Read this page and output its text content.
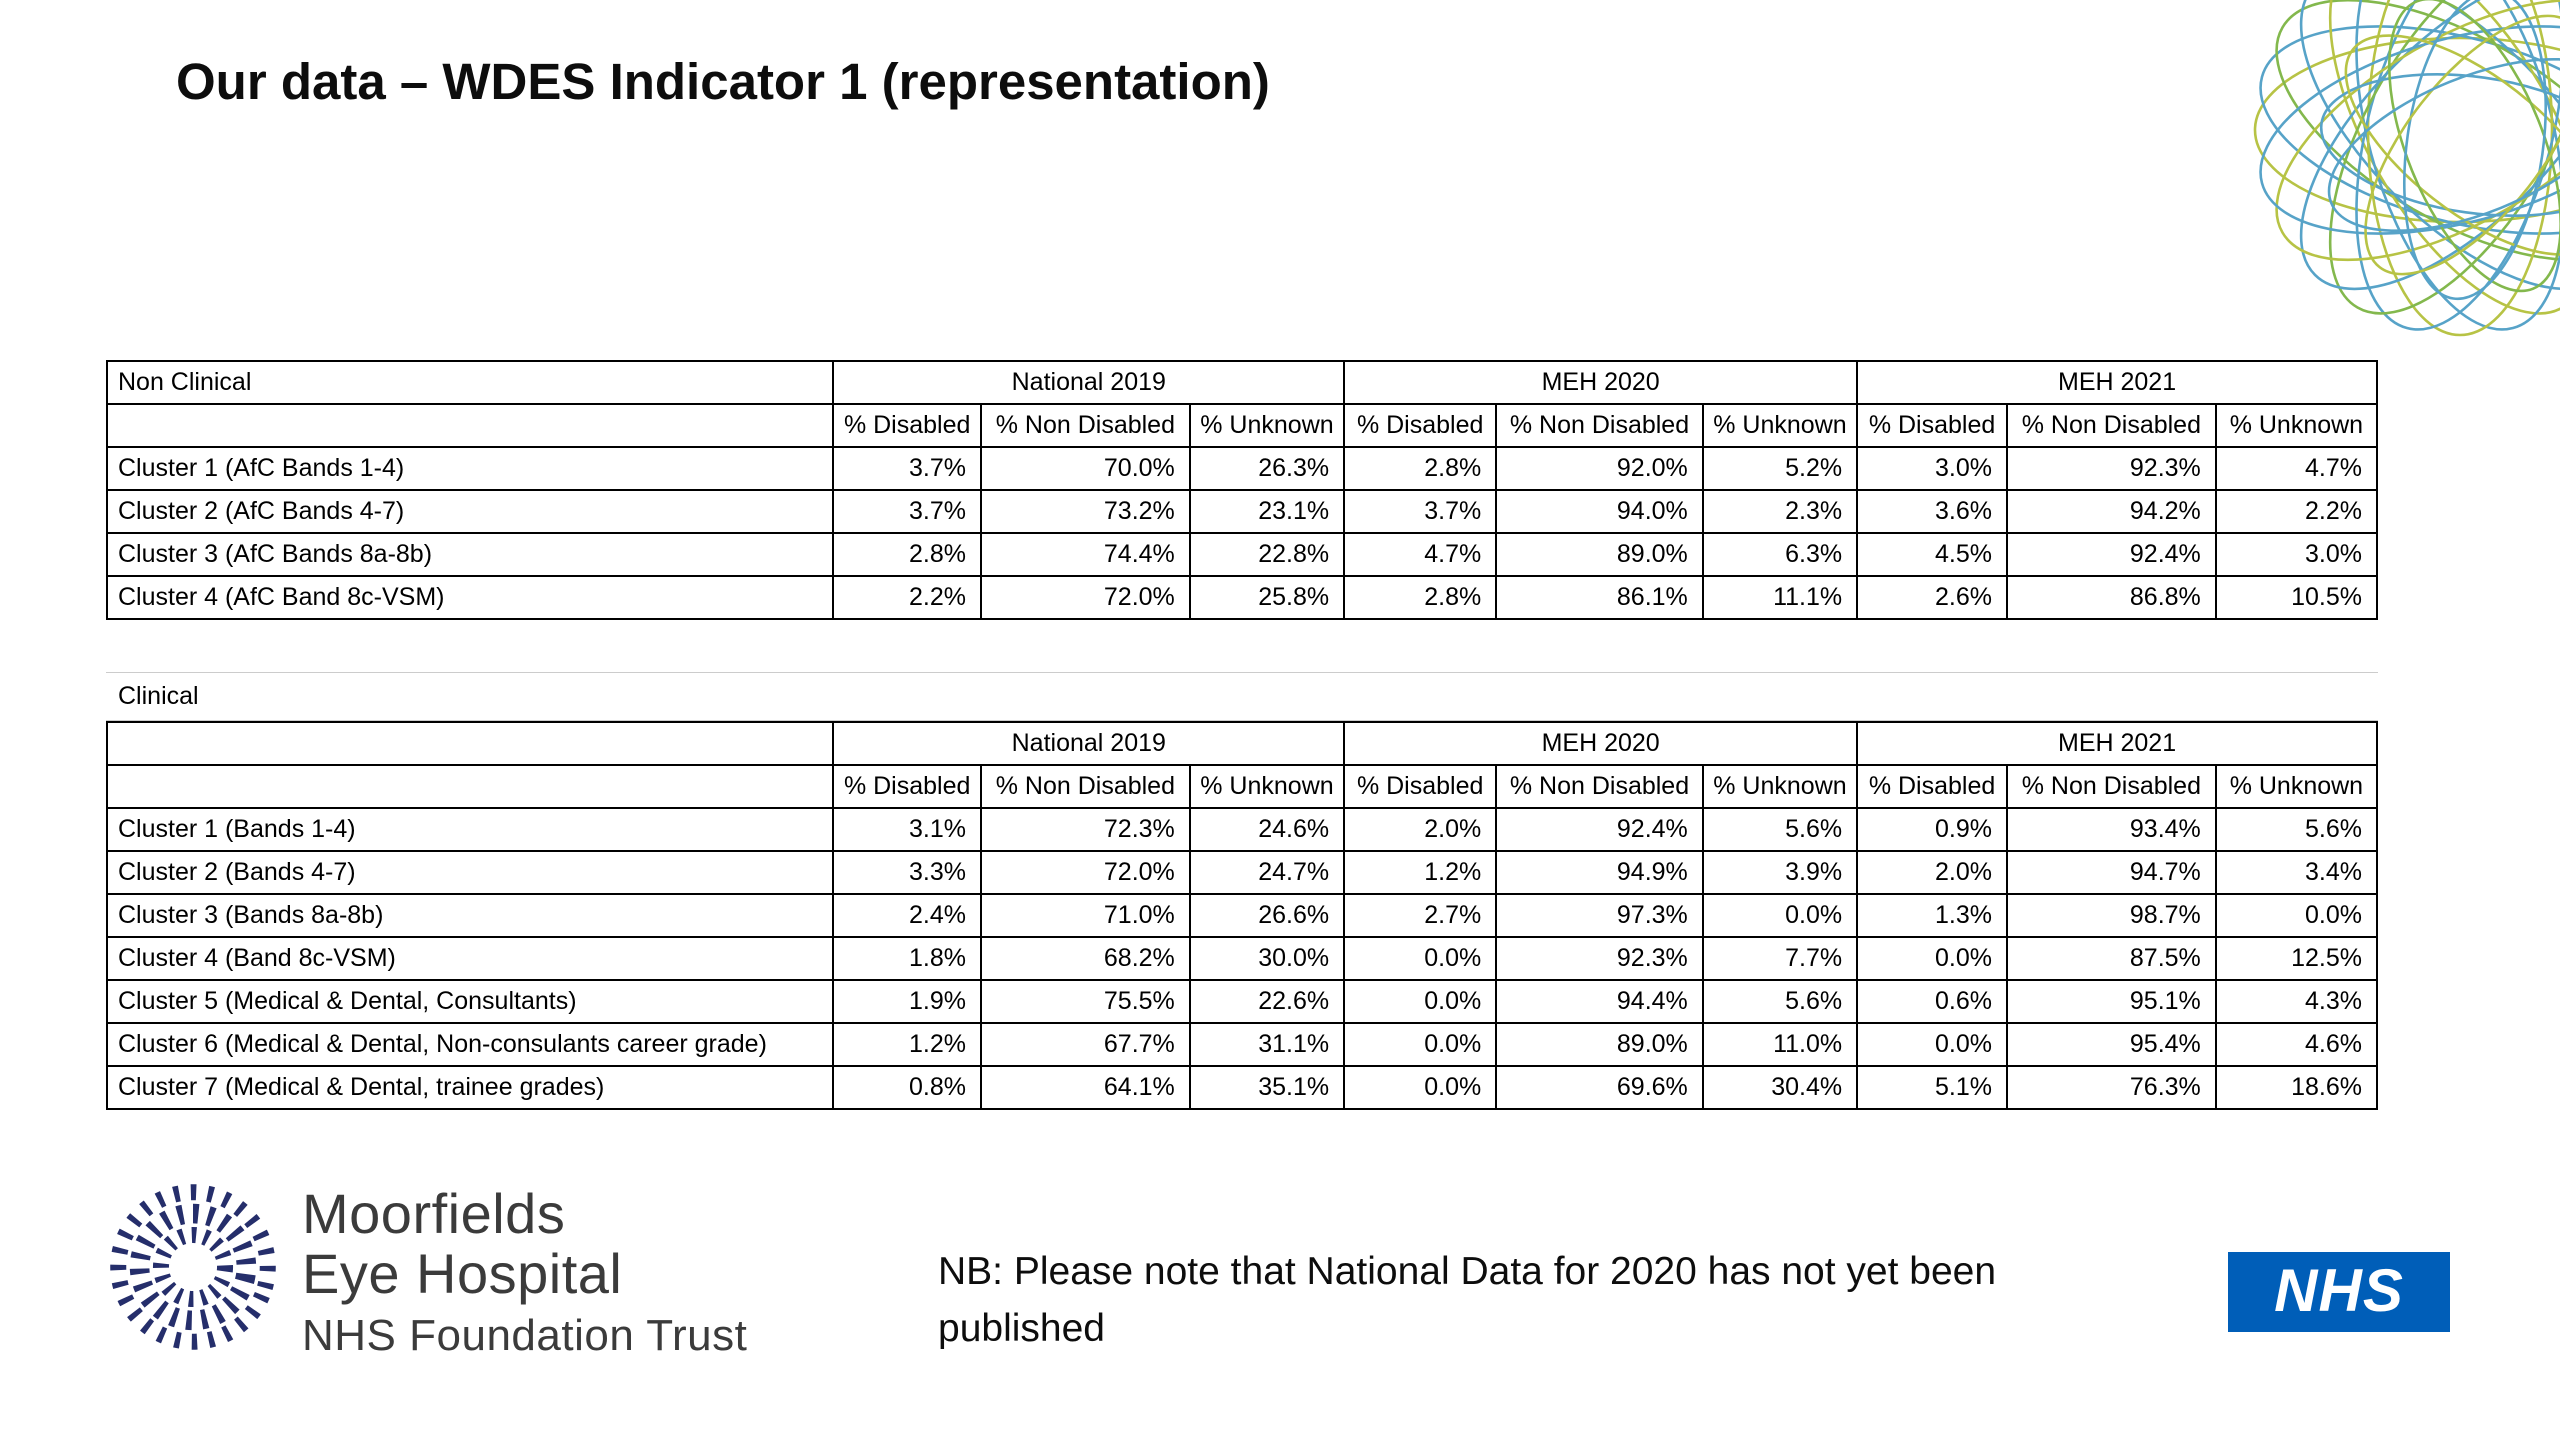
Our data – WDES Indicator 1 (representation)
Non Clinical	National 2019			MEH 2020			MEH 2021		
	% Disabled	% Non Disabled	% Unknown	% Disabled	% Non Disabled	% Unknown	% Disabled	% Non Disabled	% Unknown
Cluster 1 (AfC Bands 1-4)	3.7%	70.0%	26.3%	2.8%	92.0%	5.2%	3.0%	92.3%	4.7%
Cluster 2 (AfC Bands 4-7)	3.7%	73.2%	23.1%	3.7%	94.0%	2.3%	3.6%	94.2%	2.2%
Cluster 3 (AfC Bands 8a-8b)	2.8%	74.4%	22.8%	4.7%	89.0%	6.3%	4.5%	92.4%	3.0%
Cluster 4 (AfC Band 8c-VSM)	2.2%	72.0%	25.8%	2.8%	86.1%	11.1%	2.6%	86.8%	10.5%
Clinical
	National 2019			MEH 2020			MEH 2021		
	% Disabled	% Non Disabled	% Unknown	% Disabled	% Non Disabled	% Unknown	% Disabled	% Non Disabled	% Unknown
Cluster 1 (Bands 1-4)	3.1%	72.3%	24.6%	2.0%	92.4%	5.6%	0.9%	93.4%	5.6%
Cluster 2 (Bands 4-7)	3.3%	72.0%	24.7%	1.2%	94.9%	3.9%	2.0%	94.7%	3.4%
Cluster 3 (Bands 8a-8b)	2.4%	71.0%	26.6%	2.7%	97.3%	0.0%	1.3%	98.7%	0.0%
Cluster 4 (Band 8c-VSM)	1.8%	68.2%	30.0%	0.0%	92.3%	7.7%	0.0%	87.5%	12.5%
Cluster 5 (Medical & Dental, Consultants)	1.9%	75.5%	22.6%	0.0%	94.4%	5.6%	0.6%	95.1%	4.3%
Cluster 6 (Medical & Dental, Non-consulants career grade)	1.2%	67.7%	31.1%	0.0%	89.0%	11.0%	0.0%	95.4%	4.6%
Cluster 7 (Medical & Dental, trainee grades)	0.8%	64.1%	35.1%	0.0%	69.6%	30.4%	5.1%	76.3%	18.6%
Moorfields
Eye Hospital
NHS Foundation Trust
NB: Please note that National Data for 2020 has not yet been published
NHS
